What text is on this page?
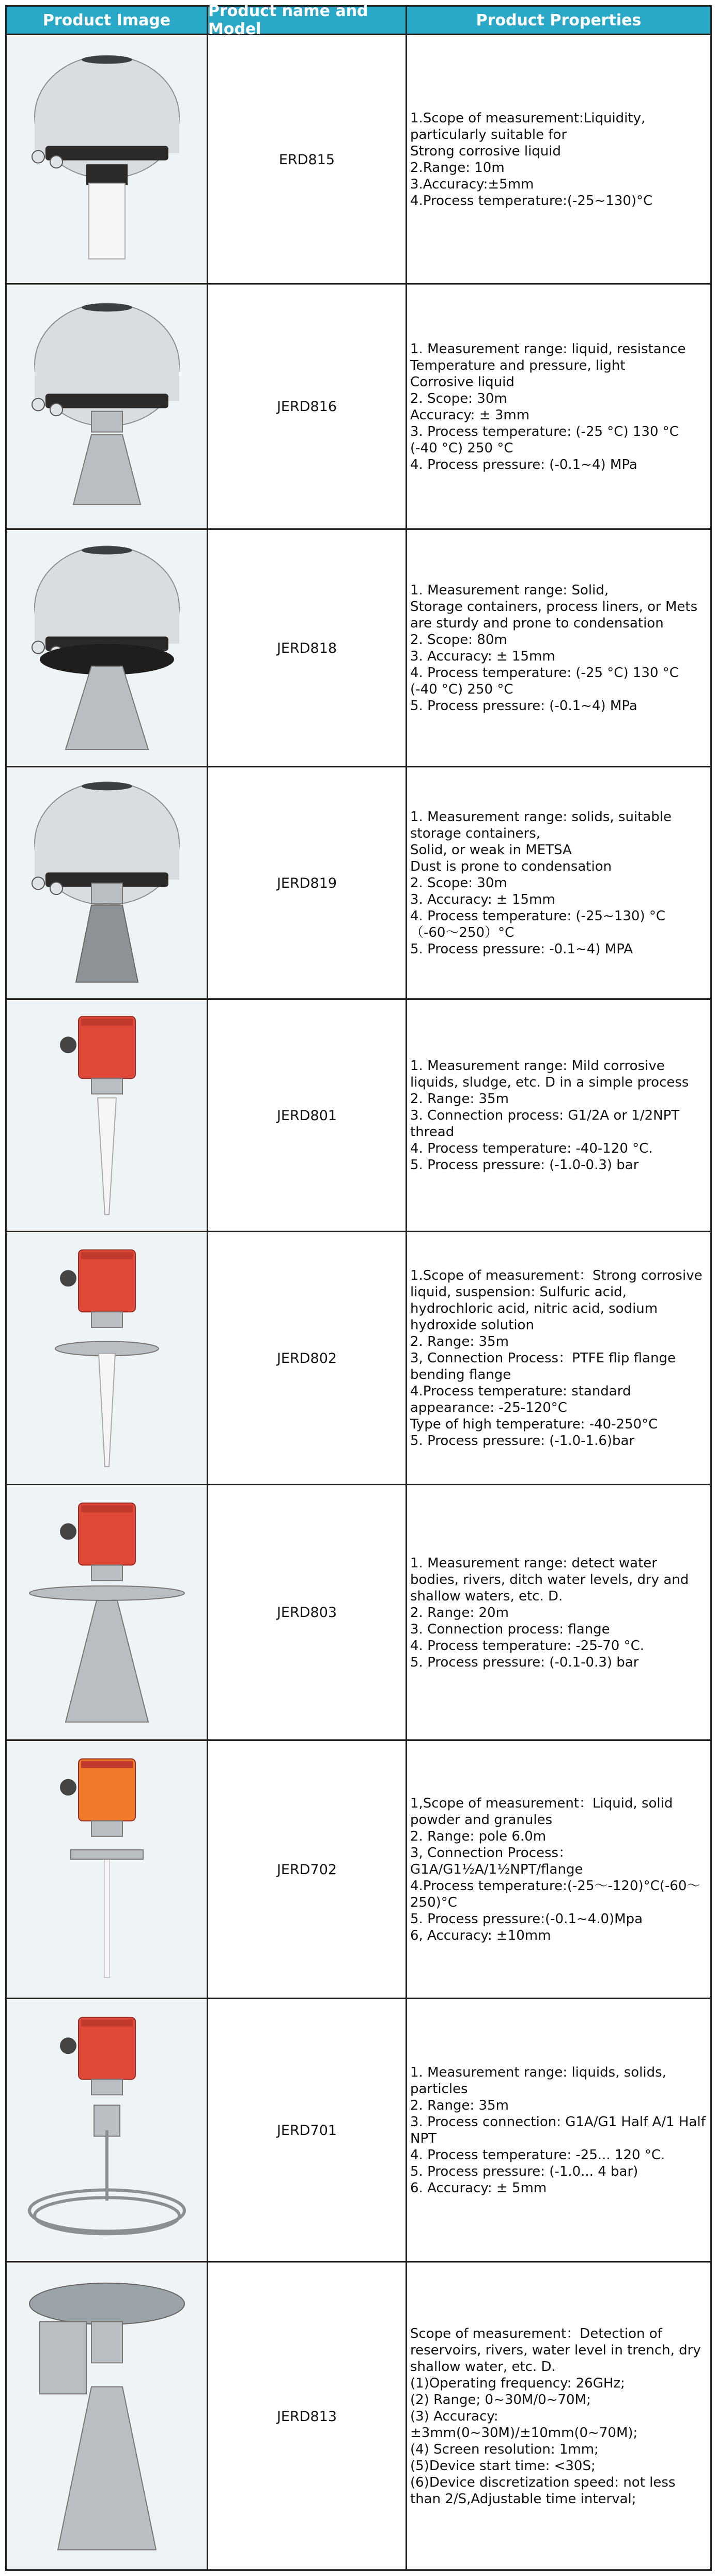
Product Image	Product name and Model	Product Properties
ERD815
1.Scope of measurement:Liquidity, particularly suitable for
Strong corrosive liquid
2.Range: 10m
3.Accuracy:±5mm
4.Process temperature:(-25~130)°C
JERD816
1. Measurement range: liquid, resistance Temperature and pressure, light
Corrosive liquid
2. Scope: 30m
Accuracy: ± 3mm
3. Process temperature: (-25 °C) 130 °C (-40 °C) 250 °C
4. Process pressure: (-0.1~4) MPa
JERD818
1. Measurement range: Solid,
Storage containers, process liners, or Mets are sturdy and prone to condensation
2. Scope: 80m
3. Accuracy: ± 15mm
4. Process temperature: (-25 °C) 130 °C (-40 °C) 250 °C
5. Process pressure: (-0.1~4) MPa
JERD819
1. Measurement range: solids, suitable storage containers,
Solid, or weak in METSA
Dust is prone to condensation
2. Scope: 30m
3. Accuracy: ± 15mm
4. Process temperature: (-25~130) °C
（-60～250）°C
5. Process pressure: -0.1~4) MPA
JERD801
1. Measurement range: Mild corrosive liquids, sludge, etc. D in a simple process
2. Range: 35m
3. Connection process: G1/2A or 1/2NPT thread
4. Process temperature: -40-120 °C.
5. Process pressure: (-1.0-0.3) bar
JERD802
1.Scope of measurement：Strong corrosive liquid, suspension: Sulfuric acid, hydrochloric acid, nitric acid, sodium hydroxide solution
2. Range: 35m
3, Connection Process：PTFE flip flange bending flange
4.Process temperature: standard appearance: -25-120°C
Type of high temperature: -40-250°C
5. Process pressure: (-1.0-1.6)bar
JERD803
1. Measurement range: detect water bodies, rivers, ditch water levels, dry and shallow waters, etc. D.
2. Range: 20m
3. Connection process: flange
4. Process temperature: -25-70 °C.
5. Process pressure: (-0.1-0.3) bar
JERD702
1,Scope of measurement：Liquid, solid powder and granules
2. Range: pole 6.0m
3, Connection Process：
G1A/G1½A/1½NPT/flange
4.Process temperature:(-25～-120)°C(-60～250)°C
5. Process pressure:(-0.1~4.0)Mpa
6, Accuracy: ±10mm
JERD701
1. Measurement range: liquids, solids, particles
2. Range: 35m
3. Process connection: G1A/G1 Half A/1 Half NPT
4. Process temperature: -25... 120 °C.
5. Process pressure: (-1.0... 4 bar)
6. Accuracy: ± 5mm
JERD813
Scope of measurement：Detection of reservoirs, rivers, water level in trench, dry shallow water, etc. D.
(1)Operating frequency: 26GHz;
(2) Range; 0~30M/0~70M;
(3) Accuracy:
±3mm(0~30M)/±10mm(0~70M);
(4) Screen resolution: 1mm;
(5)Device start time: <30S;
(6)Device discretization speed: not less than 2/S,Adjustable time interval;
